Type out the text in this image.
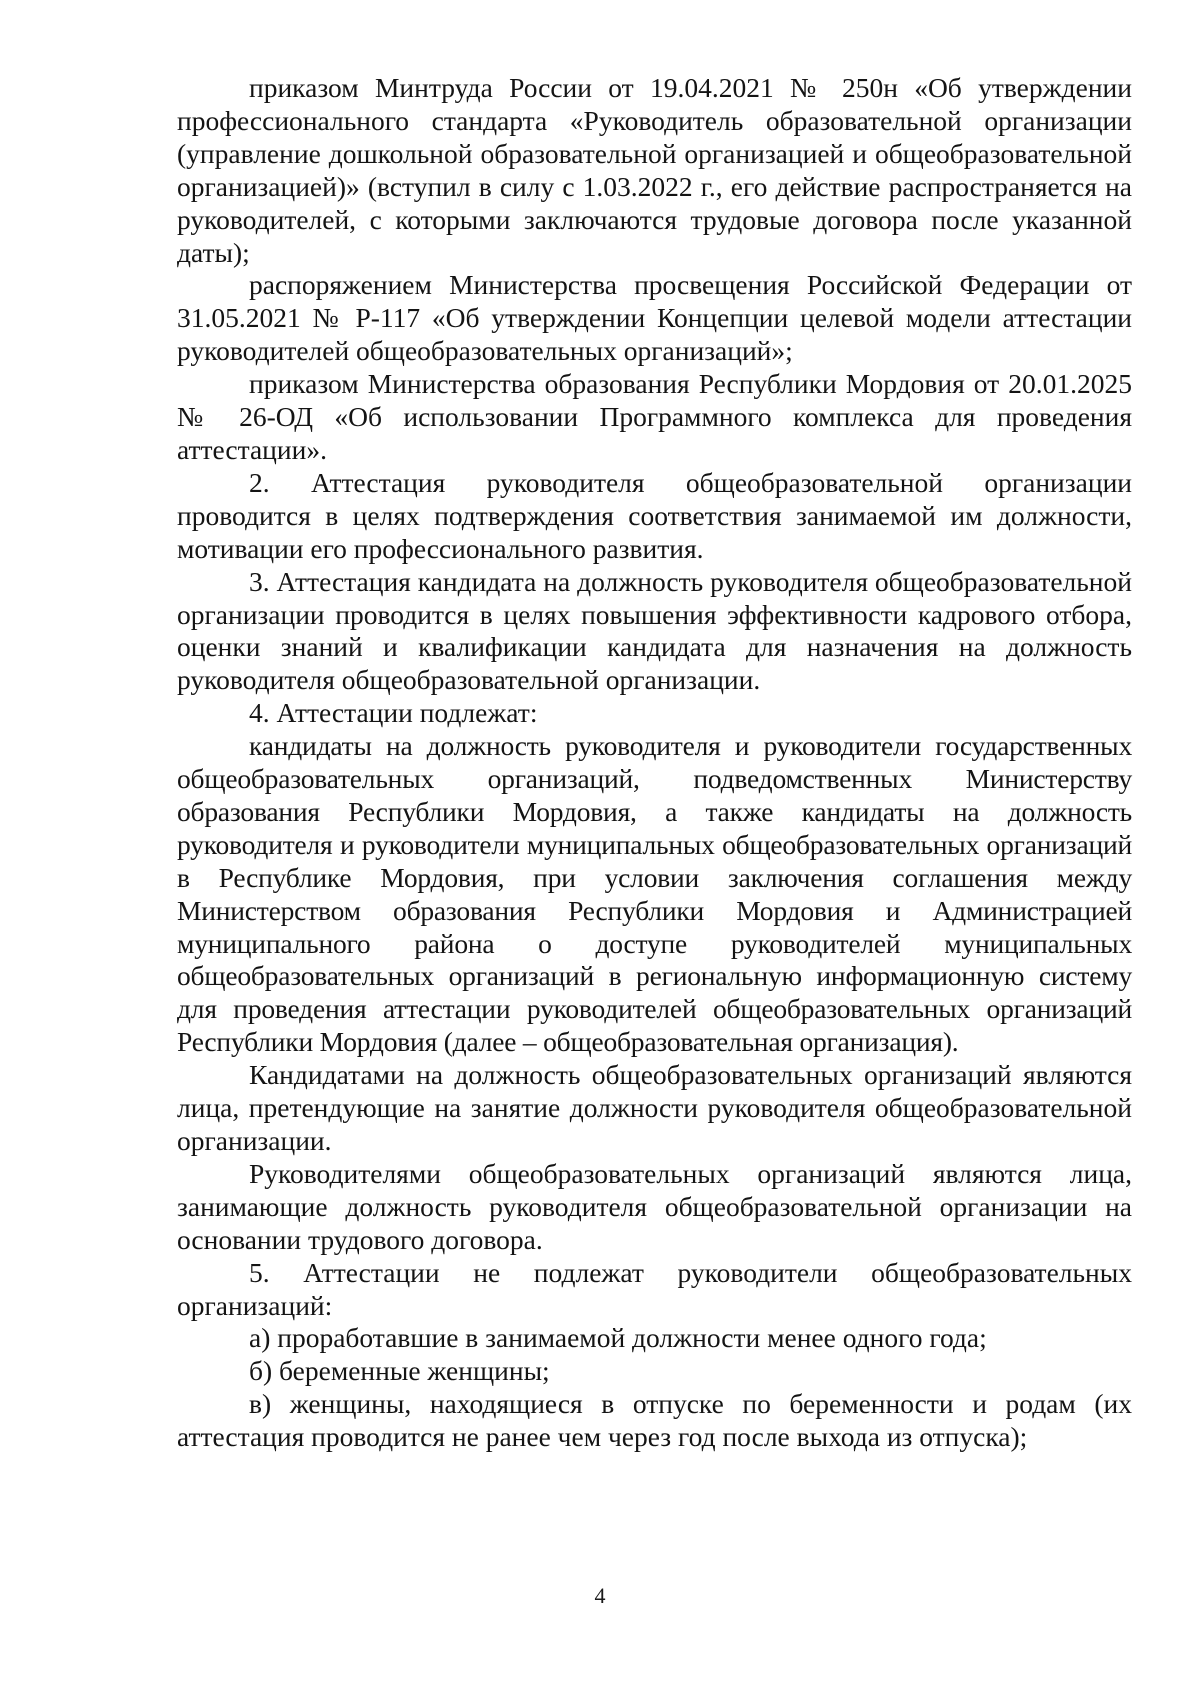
приказом Минтруда России от 19.04.2021 № 250н «Об утверждении профессионального стандарта «Руководитель образовательной организации (управление дошкольной образовательной организацией и общеобразовательной организацией)» (вступил в силу с 1.03.2022 г., его действие распространяется на руководителей, с которыми заключаются трудовые договора после указанной даты);

распоряжением Министерства просвещения Российской Федерации от 31.05.2021 № Р-117 «Об утверждении Концепции целевой модели аттестации руководителей общеобразовательных организаций»;

приказом Министерства образования Республики Мордовия от 20.01.2025 № 26-ОД «Об использовании Программного комплекса для проведения аттестации».

2. Аттестация руководителя общеобразовательной организации проводится в целях подтверждения соответствия занимаемой им должности, мотивации его профессионального развития.

3. Аттестация кандидата на должность руководителя общеобразовательной организации проводится в целях повышения эффективности кадрового отбора, оценки знаний и квалификации кандидата для назначения на должность руководителя общеобразовательной организации.

4. Аттестации подлежат:

кандидаты на должность руководителя и руководители государственных общеобразовательных организаций, подведомственных Министерству образования Республики Мордовия, а также кандидаты на должность руководителя и руководители муниципальных общеобразовательных организаций в Республике Мордовия, при условии заключения соглашения между Министерством образования Республики Мордовия и Администрацией муниципального района о доступе руководителей муниципальных общеобразовательных организаций в региональную информационную систему для проведения аттестации руководителей общеобразовательных организаций Республики Мордовия (далее – общеобразовательная организация).

Кандидатами на должность общеобразовательных организаций являются лица, претендующие на занятие должности руководителя общеобразовательной организации.

Руководителями общеобразовательных организаций являются лица, занимающие должность руководителя общеобразовательной организации на основании трудового договора.

5. Аттестации не подлежат руководители общеобразовательных организаций:

а) проработавшие в занимаемой должности менее одного года;

б) беременные женщины;

в) женщины, находящиеся в отпуске по беременности и родам (их аттестация проводится не ранее чем через год после выхода из отпуска);

4
